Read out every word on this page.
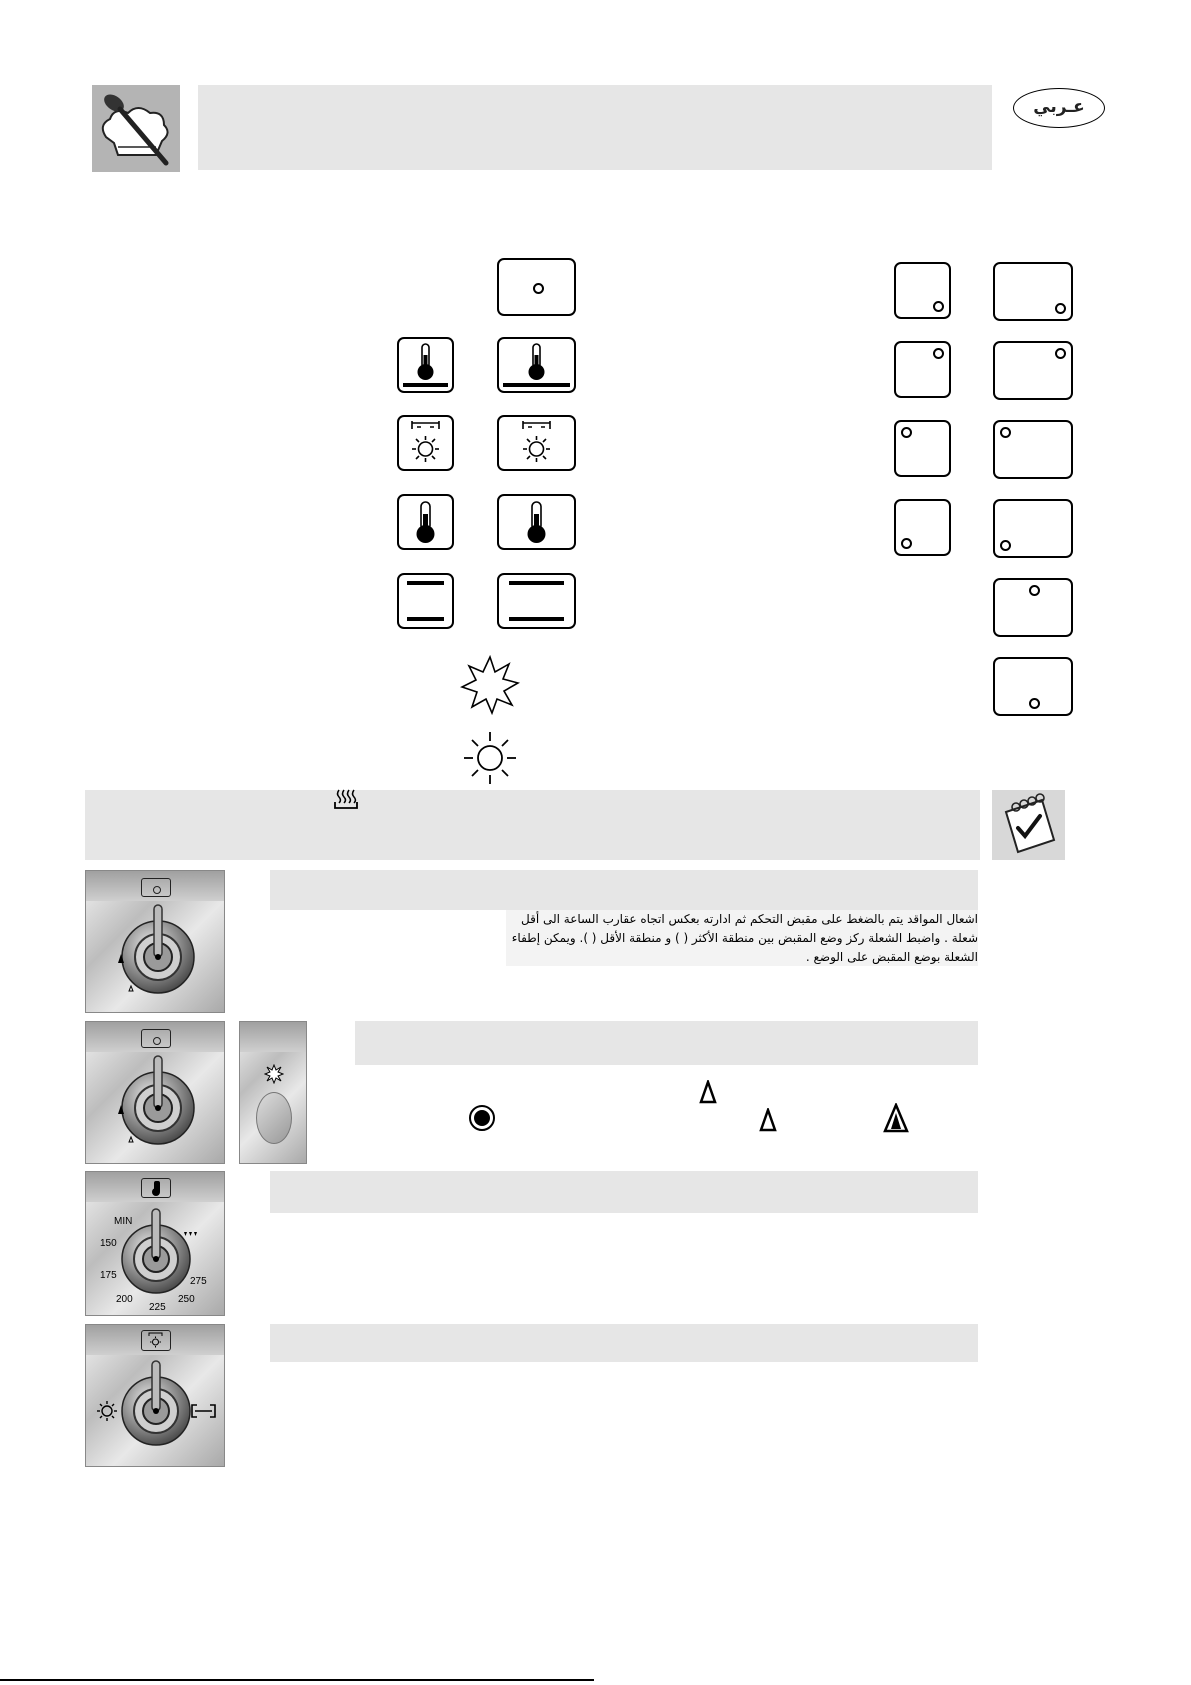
عـربي
اشعال المواقد يتم بالضغط على مقبض التحكم ثم ادارته بعكس اتجاه عقارب الساعة الى أقل شعلة . واضبط الشعلة ركز وضع المقبض بين منطقة الأكثر ( ) و منطقة الأقل ( ). ويمكن إطفاء الشعلة بوضع المقبض على الوضع .
MIN
150
175
200
225
250
275
